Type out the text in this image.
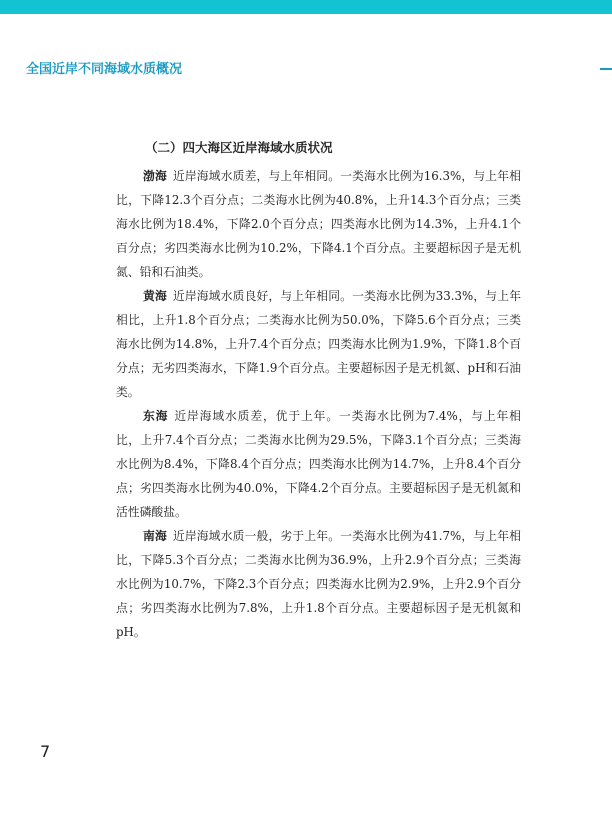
全国近岸不同海域水质概况
（二）四大海区近岸海域水质状况

渤海 近岸海域水质差，与上年相同。一类海水比例为16.3%，与上年相比，下降12.3个百分点；二类海水比例为40.8%，上升14.3个百分点；三类海水比例为18.4%，下降2.0个百分点；四类海水比例为14.3%，上升4.1个百分点；劣四类海水比例为10.2%，下降4.1个百分点。主要超标因子是无机氮、铅和石油类。

黄海 近岸海域水质良好，与上年相同。一类海水比例为33.3%，与上年相比，上升1.8个百分点；二类海水比例为50.0%，下降5.6个百分点；三类海水比例为14.8%，上升7.4个百分点；四类海水比例为1.9%，下降1.8个百分点；无劣四类海水，下降1.9个百分点。主要超标因子是无机氮、pH和石油类。

东海 近岸海域水质差，优于上年。一类海水比例为7.4%，与上年相比，上升7.4个百分点；二类海水比例为29.5%，下降3.1个百分点；三类海水比例为8.4%，下降8.4个百分点；四类海水比例为14.7%，上升8.4个百分点；劣四类海水比例为40.0%，下降4.2个百分点。主要超标因子是无机氮和活性磷酸盐。

南海 近岸海域水质一般，劣于上年。一类海水比例为41.7%，与上年相比，下降5.3个百分点；二类海水比例为36.9%，上升2.9个百分点；三类海水比例为10.7%，下降2.3个百分点；四类海水比例为2.9%，上升2.9个百分点；劣四类海水比例为7.8%，上升1.8个百分点。主要超标因子是无机氮和pH。

7
